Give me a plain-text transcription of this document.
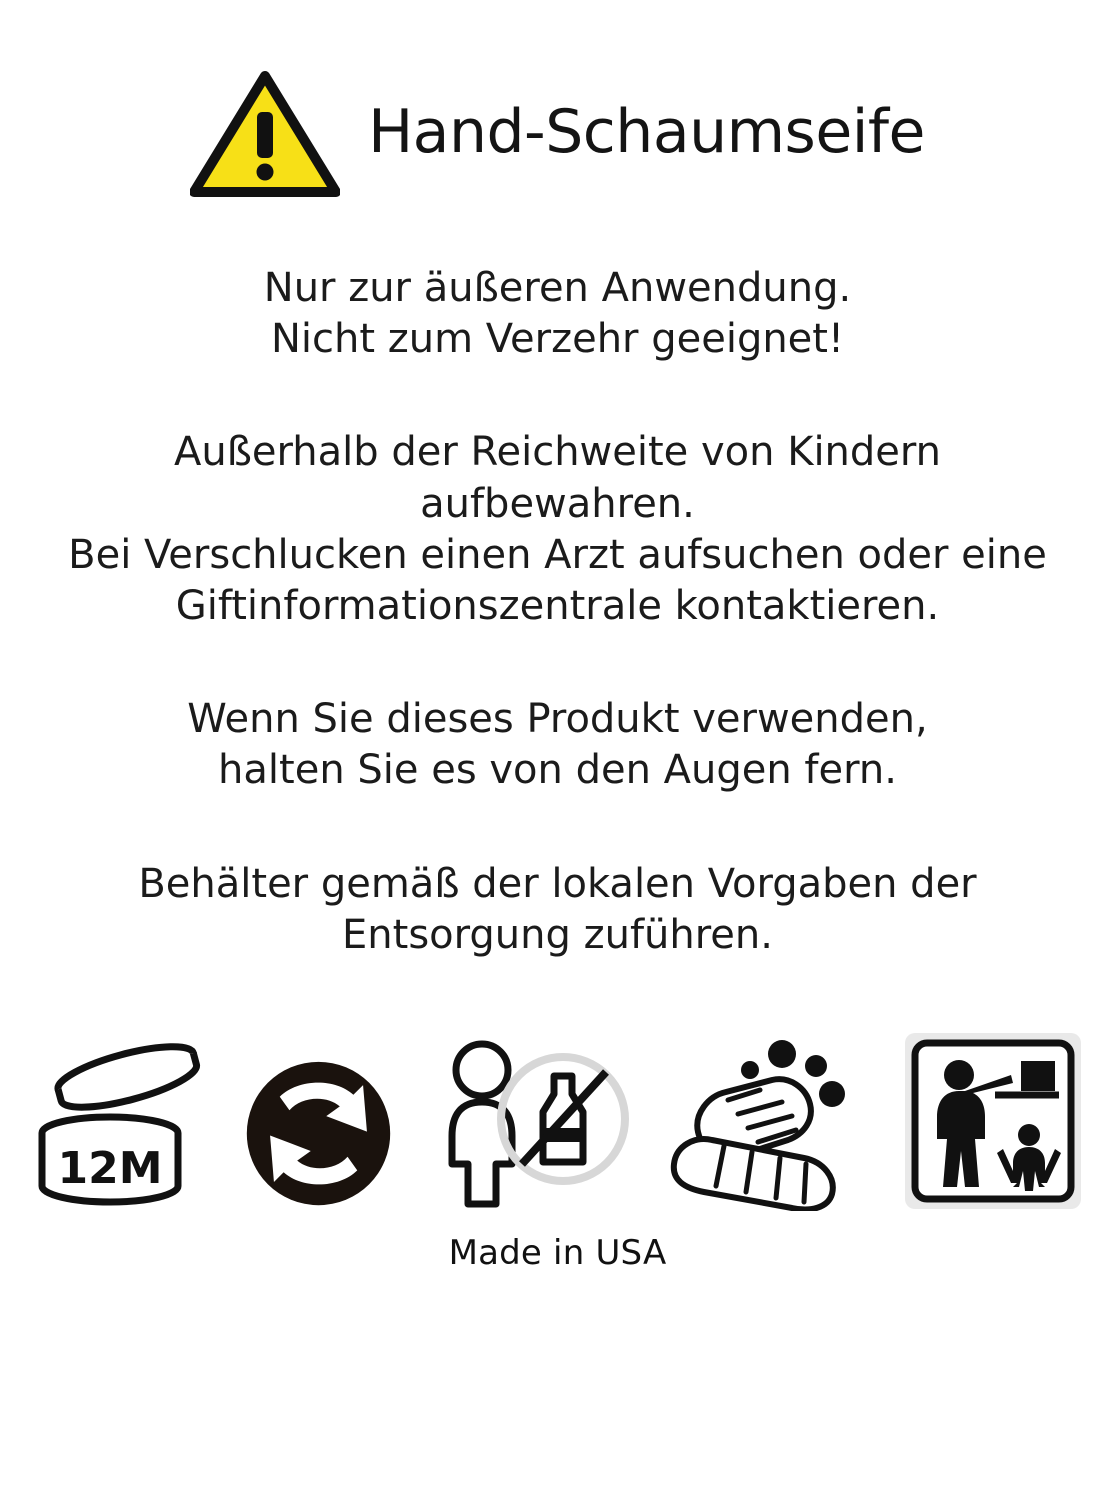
Hand-Schaumseife

Nur zur äußeren Anwendung.

Nicht zum Verzehr geeignet!

Außerhalb der Reichweite von Kindern

aufbewahren.

Bei Verschlucken einen Arzt aufsuchen oder eine

Giftinformationszentrale kontaktieren.

Wenn Sie dieses Produkt verwenden,

halten Sie es von den Augen fern.

Behälter gemäß der lokalen Vorgaben der

Entsorgung zuführen.

12M
Made in USA
